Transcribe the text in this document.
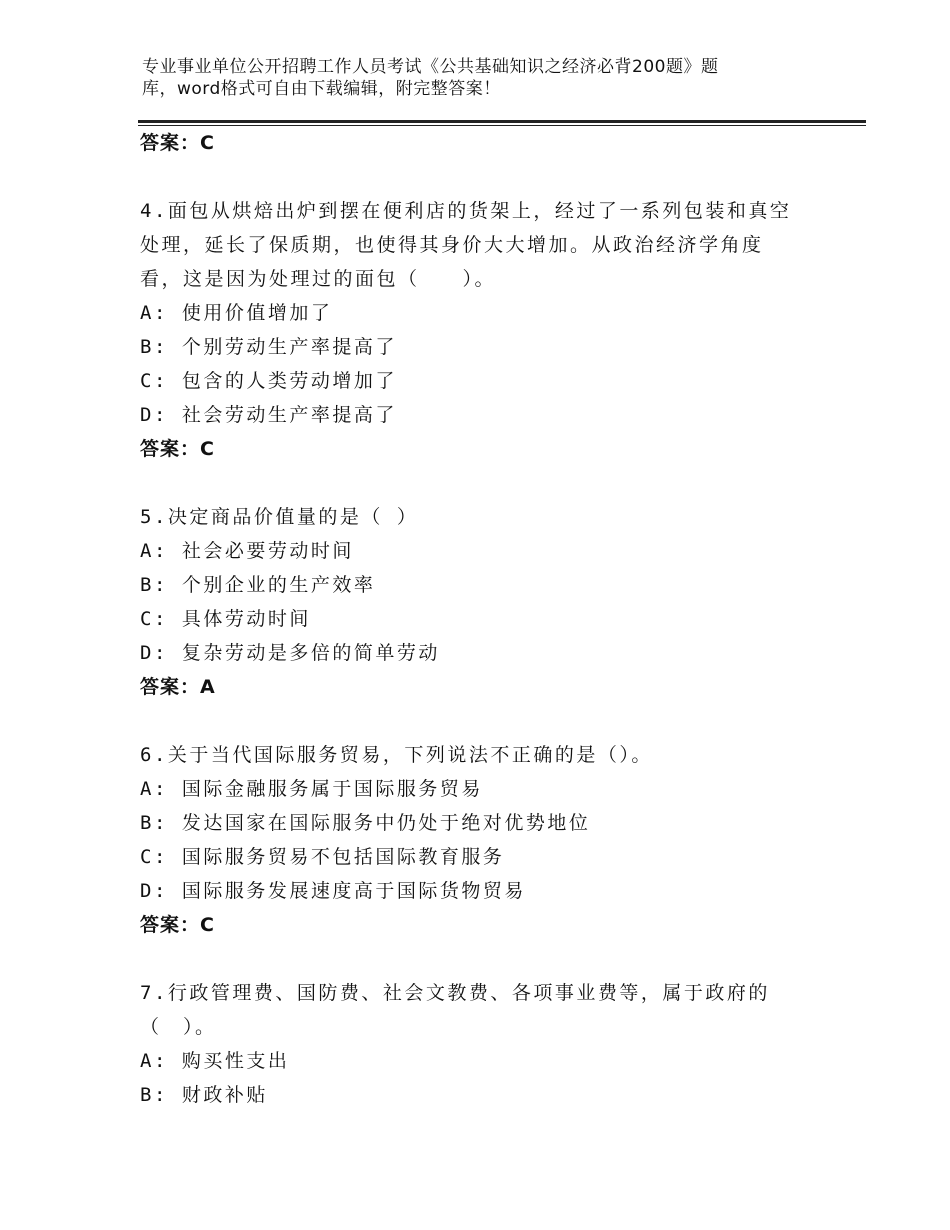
专业事业单位公开招聘工作人员考试《公共基础知识之经济必背200题》题
库，word格式可自由下载编辑，附完整答案！
答案：C
4.面包从烘焙出炉到摆在便利店的货架上，经过了一系列包装和真空处理，延长了保质期，也使得其身价大大增加。从政治经济学角度看，这是因为处理过的面包（　　）。
A: 使用价值增加了
B: 个别劳动生产率提高了
C: 包含的人类劳动增加了
D: 社会劳动生产率提高了
答案：C
5.决定商品价值量的是（ ）
A: 社会必要劳动时间
B: 个别企业的生产效率
C: 具体劳动时间
D: 复杂劳动是多倍的简单劳动
答案：A
6.关于当代国际服务贸易，下列说法不正确的是（）。
A: 国际金融服务属于国际服务贸易
B: 发达国家在国际服务中仍处于绝对优势地位
C: 国际服务贸易不包括国际教育服务
D: 国际服务发展速度高于国际货物贸易
答案：C
7.行政管理费、国防费、社会文教费、各项事业费等，属于政府的（　）。
A: 购买性支出
B: 财政补贴
